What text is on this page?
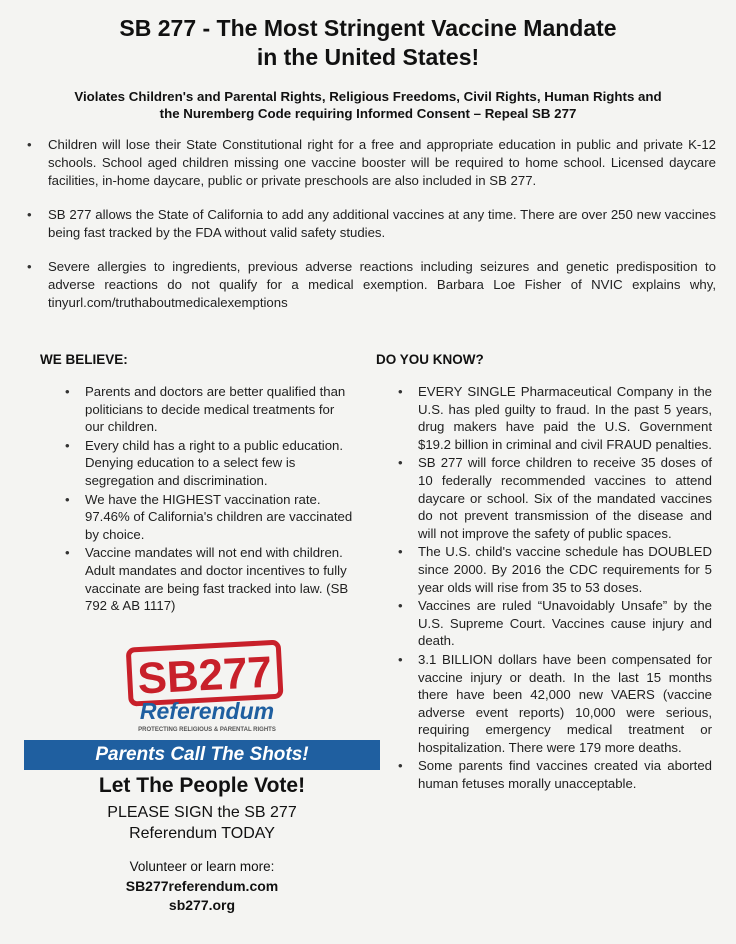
SB 277 - The Most Stringent Vaccine Mandate
in the United States!
Violates Children's and Parental Rights, Religious Freedoms, Civil Rights, Human Rights and
the Nuremberg Code requiring Informed Consent – Repeal SB 277
• Children will lose their State Constitutional right for a free and appropriate education in public and private K-12 schools. School aged children missing one vaccine booster will be required to home school. Licensed daycare facilities, in-home daycare, public or private preschools are also included in SB 277.
• SB 277 allows the State of California to add any additional vaccines at any time. There are over 250 new vaccines being fast tracked by the FDA without valid safety studies.
• Severe allergies to ingredients, previous adverse reactions including seizures and genetic predisposition to adverse reactions do not qualify for a medical exemption. Barbara Loe Fisher of NVIC explains why, tinyurl.com/truthaboutmedicalexemptions
WE BELIEVE:
• Parents and doctors are better qualified than politicians to decide medical treatments for our children.
• Every child has a right to a public education. Denying education to a select few is segregation and discrimination.
• We have the HIGHEST vaccination rate. 97.46% of California's children are vaccinated by choice.
• Vaccine mandates will not end with children. Adult mandates and doctor incentives to fully vaccinate are being fast tracked into law. (SB 792 & AB 1117)
DO YOU KNOW?
• EVERY SINGLE Pharmaceutical Company in the U.S. has pled guilty to fraud. In the past 5 years, drug makers have paid the U.S. Government $19.2 billion in criminal and civil FRAUD penalties.
• SB 277 will force children to receive 35 doses of 10 federally recommended vaccines to attend daycare or school. Six of the mandated vaccines do not prevent transmission of the disease and will not improve the safety of public spaces.
• The U.S. child's vaccine schedule has DOUBLED since 2000. By 2016 the CDC requirements for 5 year olds will rise from 35 to 53 doses.
• Vaccines are ruled “Unavoidably Unsafe” by the U.S. Supreme Court. Vaccines cause injury and death.
• 3.1 BILLION dollars have been compensated for vaccine injury or death. In the last 15 months there have been 42,000 new VAERS (vaccine adverse event reports) 10,000 were serious, requiring emergency medical treatment or hospitalization. There were 179 more deaths.
• Some parents find vaccines created via aborted human fetuses morally unacceptable.
SB277
Referendum
PROTECTING RELIGIOUS & PARENTAL RIGHTS
Parents Call The Shots!
Let The People Vote!
PLEASE SIGN the SB 277
Referendum TODAY
Volunteer or learn more:
SB277referendum.com
sb277.org
